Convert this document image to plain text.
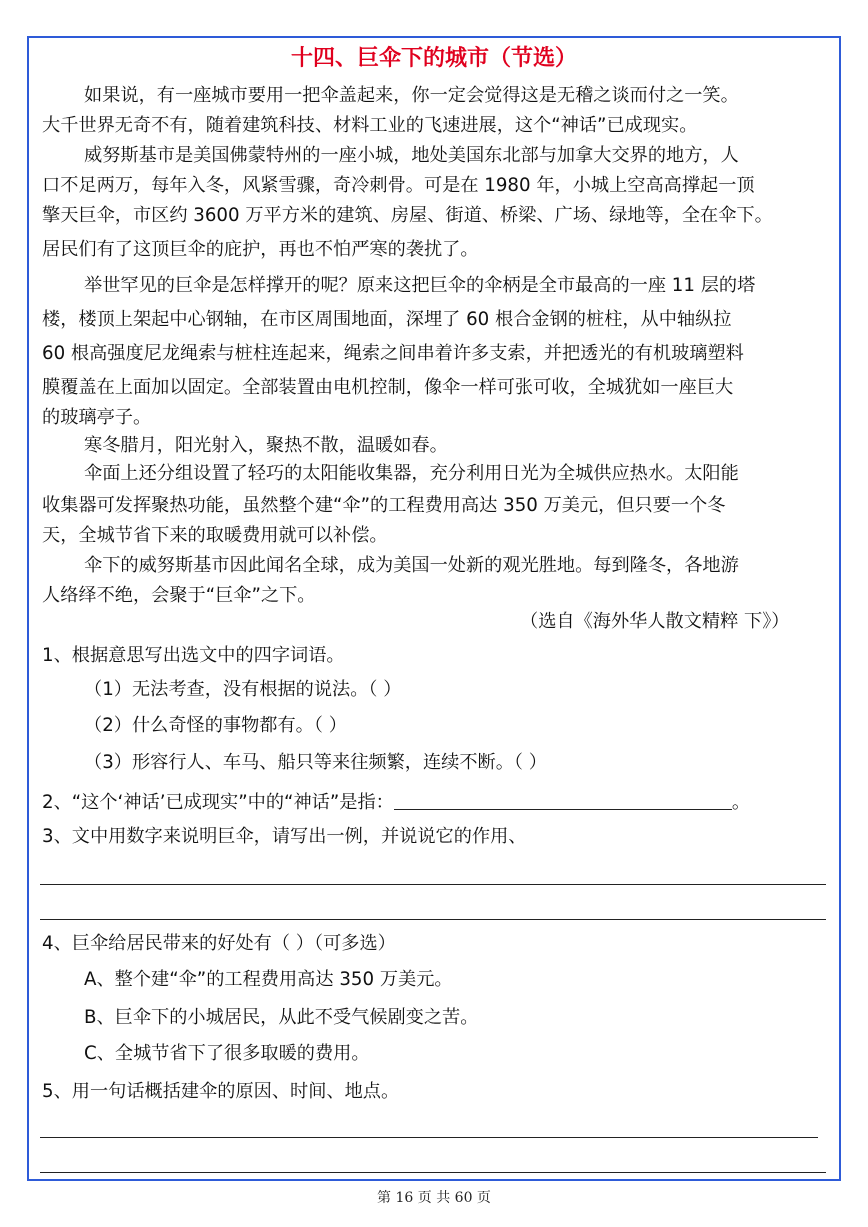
十四、巨伞下的城市（节选）
如果说，有一座城市要用一把伞盖起来，你一定会觉得这是无稽之谈而付之一笑。
大千世界无奇不有，随着建筑科技、材料工业的飞速进展，这个“神话”已成现实。
威努斯基市是美国佛蒙特州的一座小城，地处美国东北部与加拿大交界的地方，人
口不足两万，每年入冬，风紧雪骤，奇冷刺骨。可是在 1980 年，小城上空高高撑起一顶
擎天巨伞，市区约 3600 万平方米的建筑、房屋、街道、桥梁、广场、绿地等，全在伞下。
居民们有了这顶巨伞的庇护，再也不怕严寒的袭扰了。
举世罕见的巨伞是怎样撑开的呢？原来这把巨伞的伞柄是全市最高的一座 11 层的塔
楼，楼顶上架起中心钢轴，在市区周围地面，深埋了 60 根合金钢的桩柱，从中轴纵拉
60 根高强度尼龙绳索与桩柱连起来，绳索之间串着许多支索，并把透光的有机玻璃塑料
膜覆盖在上面加以固定。全部装置由电机控制，像伞一样可张可收，全城犹如一座巨大
的玻璃亭子。
寒冬腊月，阳光射入，聚热不散，温暖如春。
伞面上还分组设置了轻巧的太阳能收集器，充分利用日光为全城供应热水。太阳能
收集器可发挥聚热功能，虽然整个建“伞”的工程费用高达 350 万美元，但只要一个冬
天，全城节省下来的取暖费用就可以补偿。
伞下的威努斯基市因此闻名全球，成为美国一处新的观光胜地。每到隆冬，各地游
人络绎不绝，会聚于“巨伞”之下。
（选自《海外华人散文精粹 下》）
1、根据意思写出选文中的四字词语。
（1）无法考查，没有根据的说法。（ ）
（2）什么奇怪的事物都有。（ ）
（3）形容行人、车马、船只等来往频繁，连续不断。（ ）
2、“这个‘神话’已成现实”中的“神话”是指：	。
3、文中用数字来说明巨伞，请写出一例，并说说它的作用、
4、巨伞给居民带来的好处有（ ）（可多选）
A、整个建“伞”的工程费用高达 350 万美元。
B、巨伞下的小城居民，从此不受气候剧变之苦。
C、全城节省下了很多取暖的费用。
5、用一句话概括建伞的原因、时间、地点。
第 16 页 共 60 页
